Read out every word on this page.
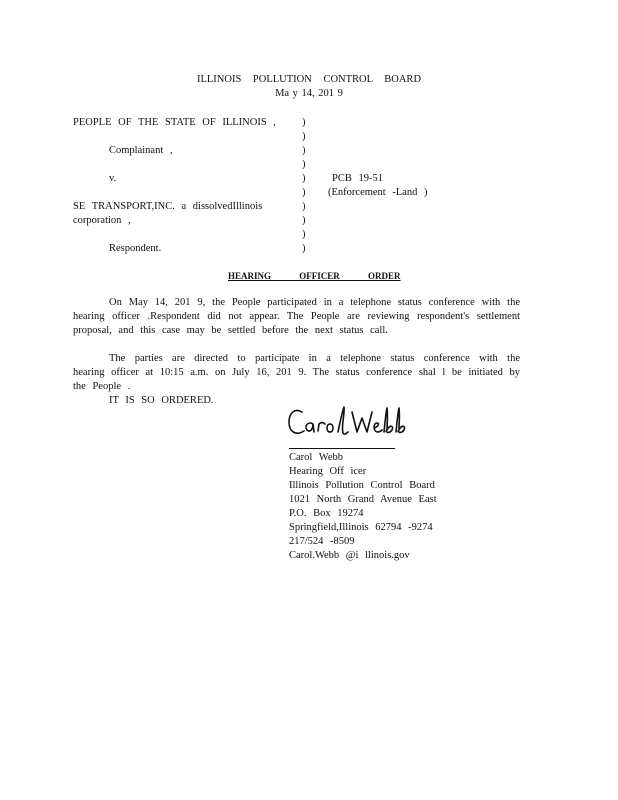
ILLINOIS POLLUTION CONTROL BOARD
Ma y 14, 201 9
PEOPLE OF THE STATE OF ILLINOIS ,
Complainant ,
v.
SE TRANSPORT,INC. a dissolvedIllinois
corporation ,
Respondent.
)
)
)
)
)
)
)
)
)
)
PCB 19-51
(Enforcement -Land )
HEARING OFFICER ORDER
On May 14, 201 9, the People participated in a telephone status conference with the hearing officer .Respondent did not appear. The People are reviewing respondent's settlement proposal, and this case may be settled before the next status call.
The parties are directed to participate in a telephone status conference with the hearing officer at 10:15 a.m. on July 16, 201 9. The status conference shal l be initiated by the People .
IT IS SO ORDERED.
Carol Webb
Hearing Off icer
Illinois Pollution Control Board
1021 North Grand Avenue East
P.O. Box 19274
Springfield,Illinois 62794 -9274
217/524 -8509
Carol.Webb @i llinois.gov
